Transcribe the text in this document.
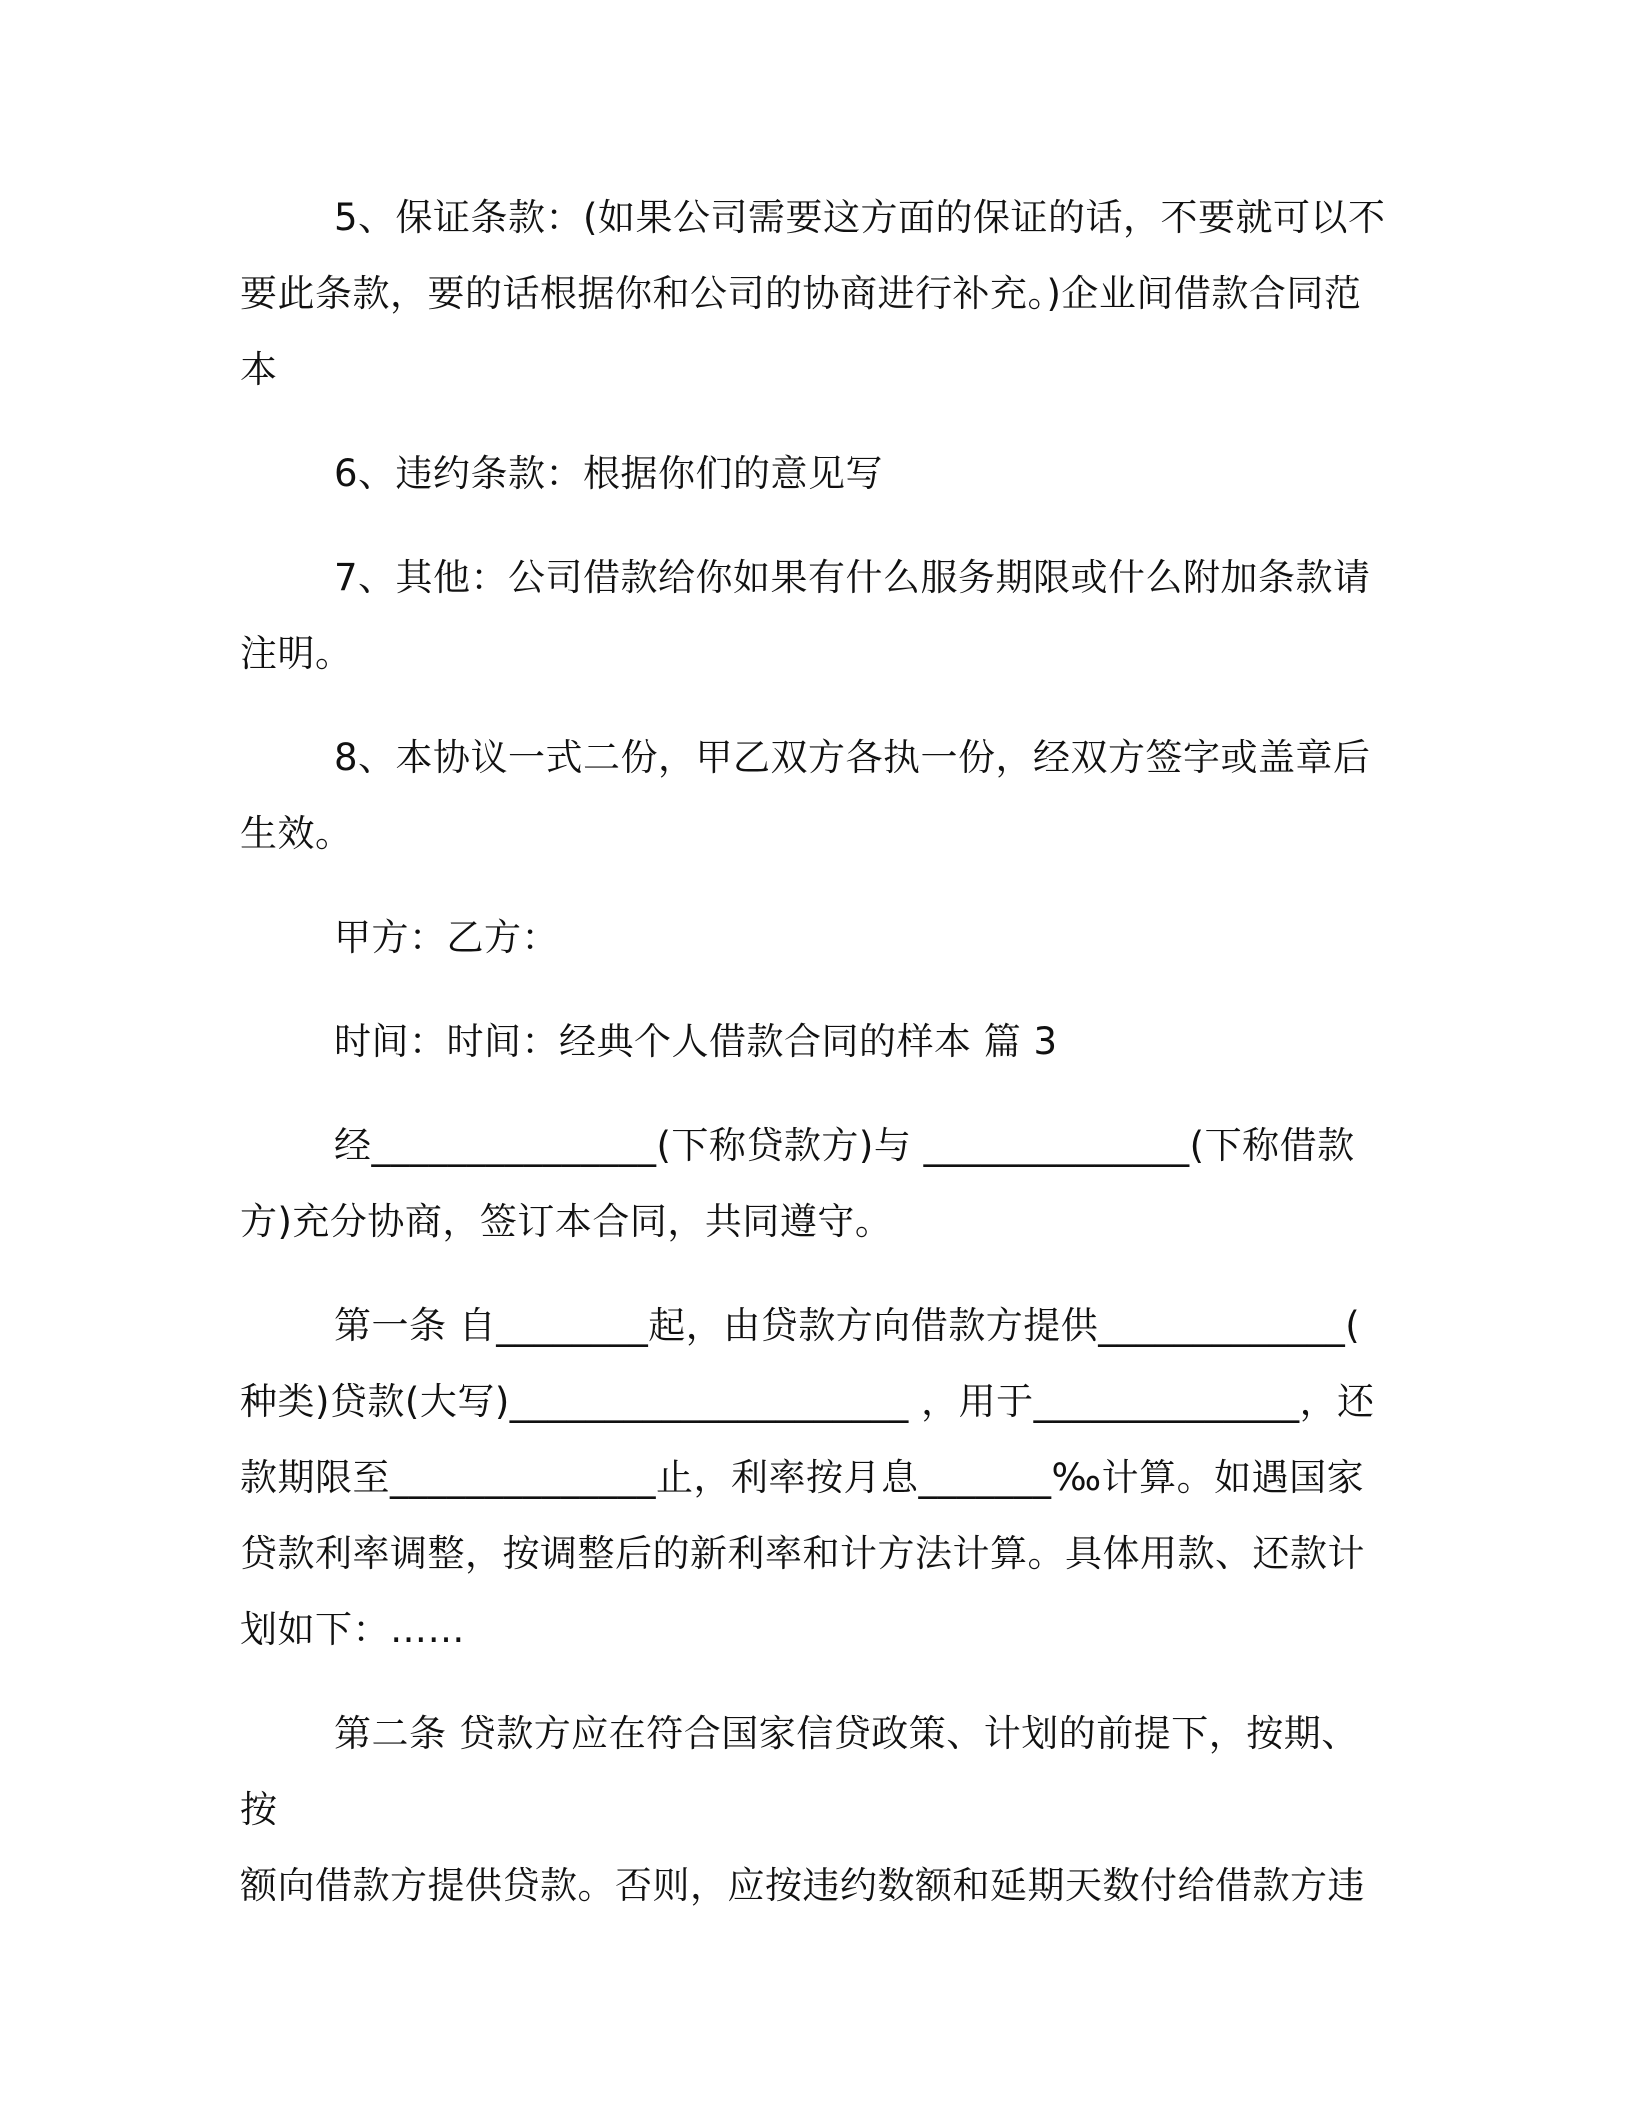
5、保证条款：(如果公司需要这方面的保证的话，不要就可以不
要此条款，要的话根据你和公司的协商进行补充。)企业间借款合同范
本
6、违约条款：根据你们的意见写
7、其他：公司借款给你如果有什么服务期限或什么附加条款请
注明。
8、本协议一式二份，甲乙双方各执一份，经双方签字或盖章后
生效。
甲方：乙方：
时间：时间：经典个人借款合同的样本 篇 3
经_______________(下称贷款方)与 ______________(下称借款
方)充分协商，签订本合同，共同遵守。
第一条 自________起，由贷款方向借款方提供_____________(
种类)贷款(大写)_____________________ ，用于______________，还
款期限至______________止，利率按月息_______‰计算。如遇国家
贷款利率调整，按调整后的新利率和计方法计算。具体用款、还款计
划如下：……
第二条 贷款方应在符合国家信贷政策、计划的前提下，按期、按
额向借款方提供贷款。否则，应按违约数额和延期天数付给借款方违
